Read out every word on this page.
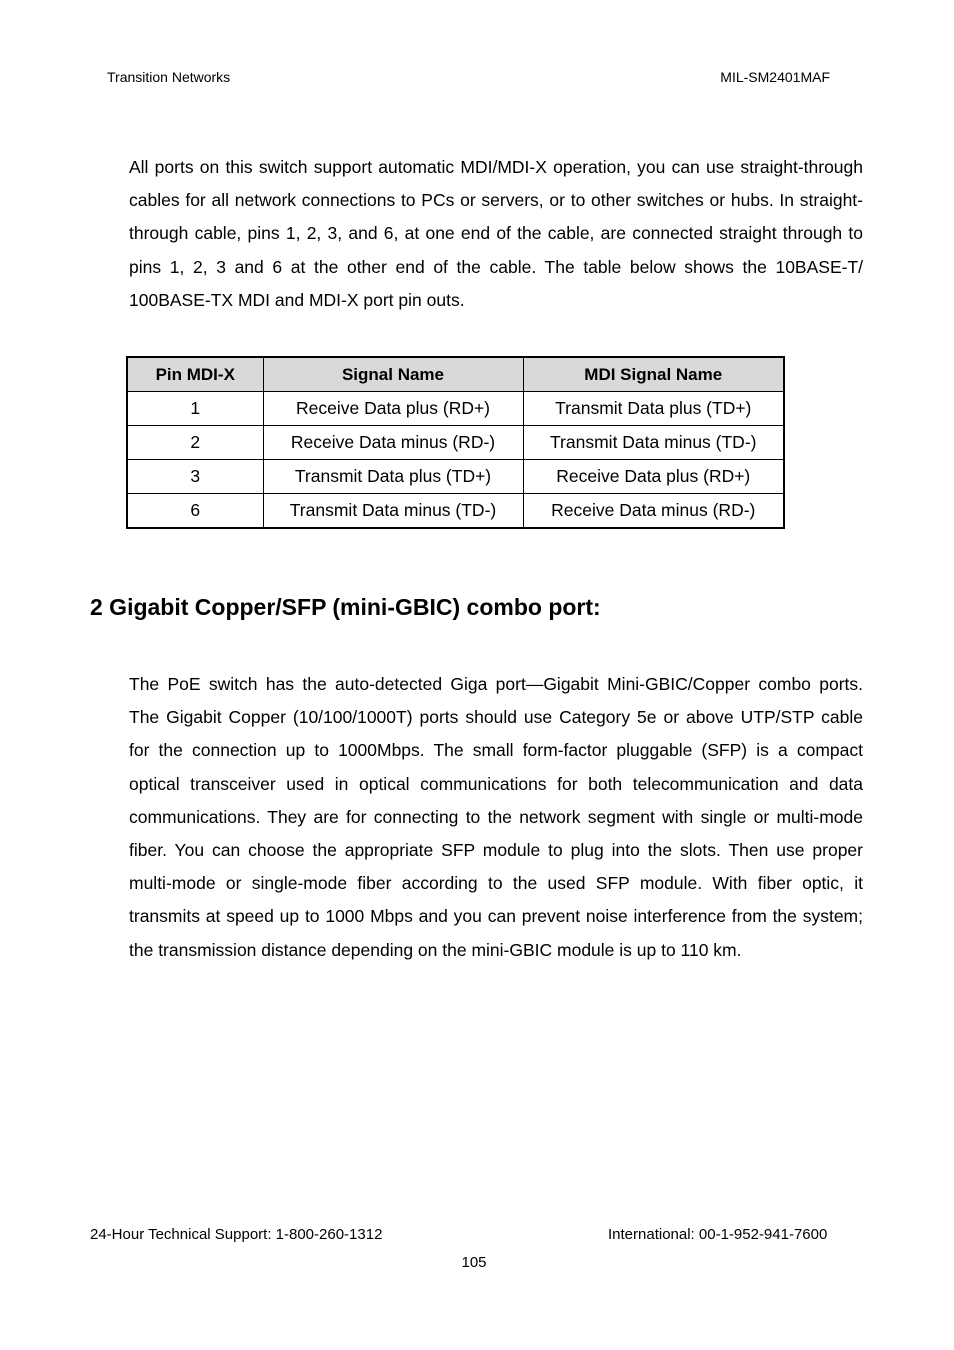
Transition Networks	MIL-SM2401MAF

All ports on this switch support automatic MDI/MDI-X operation, you can use straight-through cables for all network connections to PCs or servers, or to other switches or hubs. In straight-through cable, pins 1, 2, 3, and 6, at one end of the cable, are connected straight through to pins 1, 2, 3 and 6 at the other end of the cable. The table below shows the 10BASE-T/ 100BASE-TX MDI and MDI-X port pin outs.

Pin MDI-X	Signal Name	MDI Signal Name
1	Receive Data plus (RD+)	Transmit Data plus (TD+)
2	Receive Data minus (RD-)	Transmit Data minus (TD-)
3	Transmit Data plus (TD+)	Receive Data plus (RD+)
6	Transmit Data minus (TD-)	Receive Data minus (RD-)
2 Gigabit Copper/SFP (mini-GBIC) combo port:

The PoE switch has the auto-detected Giga port—Gigabit Mini-GBIC/Copper combo ports. The Gigabit Copper (10/100/1000T) ports should use Category 5e or above UTP/STP cable for the connection up to 1000Mbps. The small form-factor pluggable (SFP) is a compact optical transceiver used in optical communications for both telecommunication and data communications. They are for connecting to the network segment with single or multi-mode fiber. You can choose the appropriate SFP module to plug into the slots. Then use proper multi-mode or single-mode fiber according to the used SFP module. With fiber optic, it transmits at speed up to 1000 Mbps and you can prevent noise interference from the system; the transmission distance depending on the mini-GBIC module is up to 110 km.

24-Hour Technical Support: 1-800-260-1312	International: 00-1-952-941-7600
105
